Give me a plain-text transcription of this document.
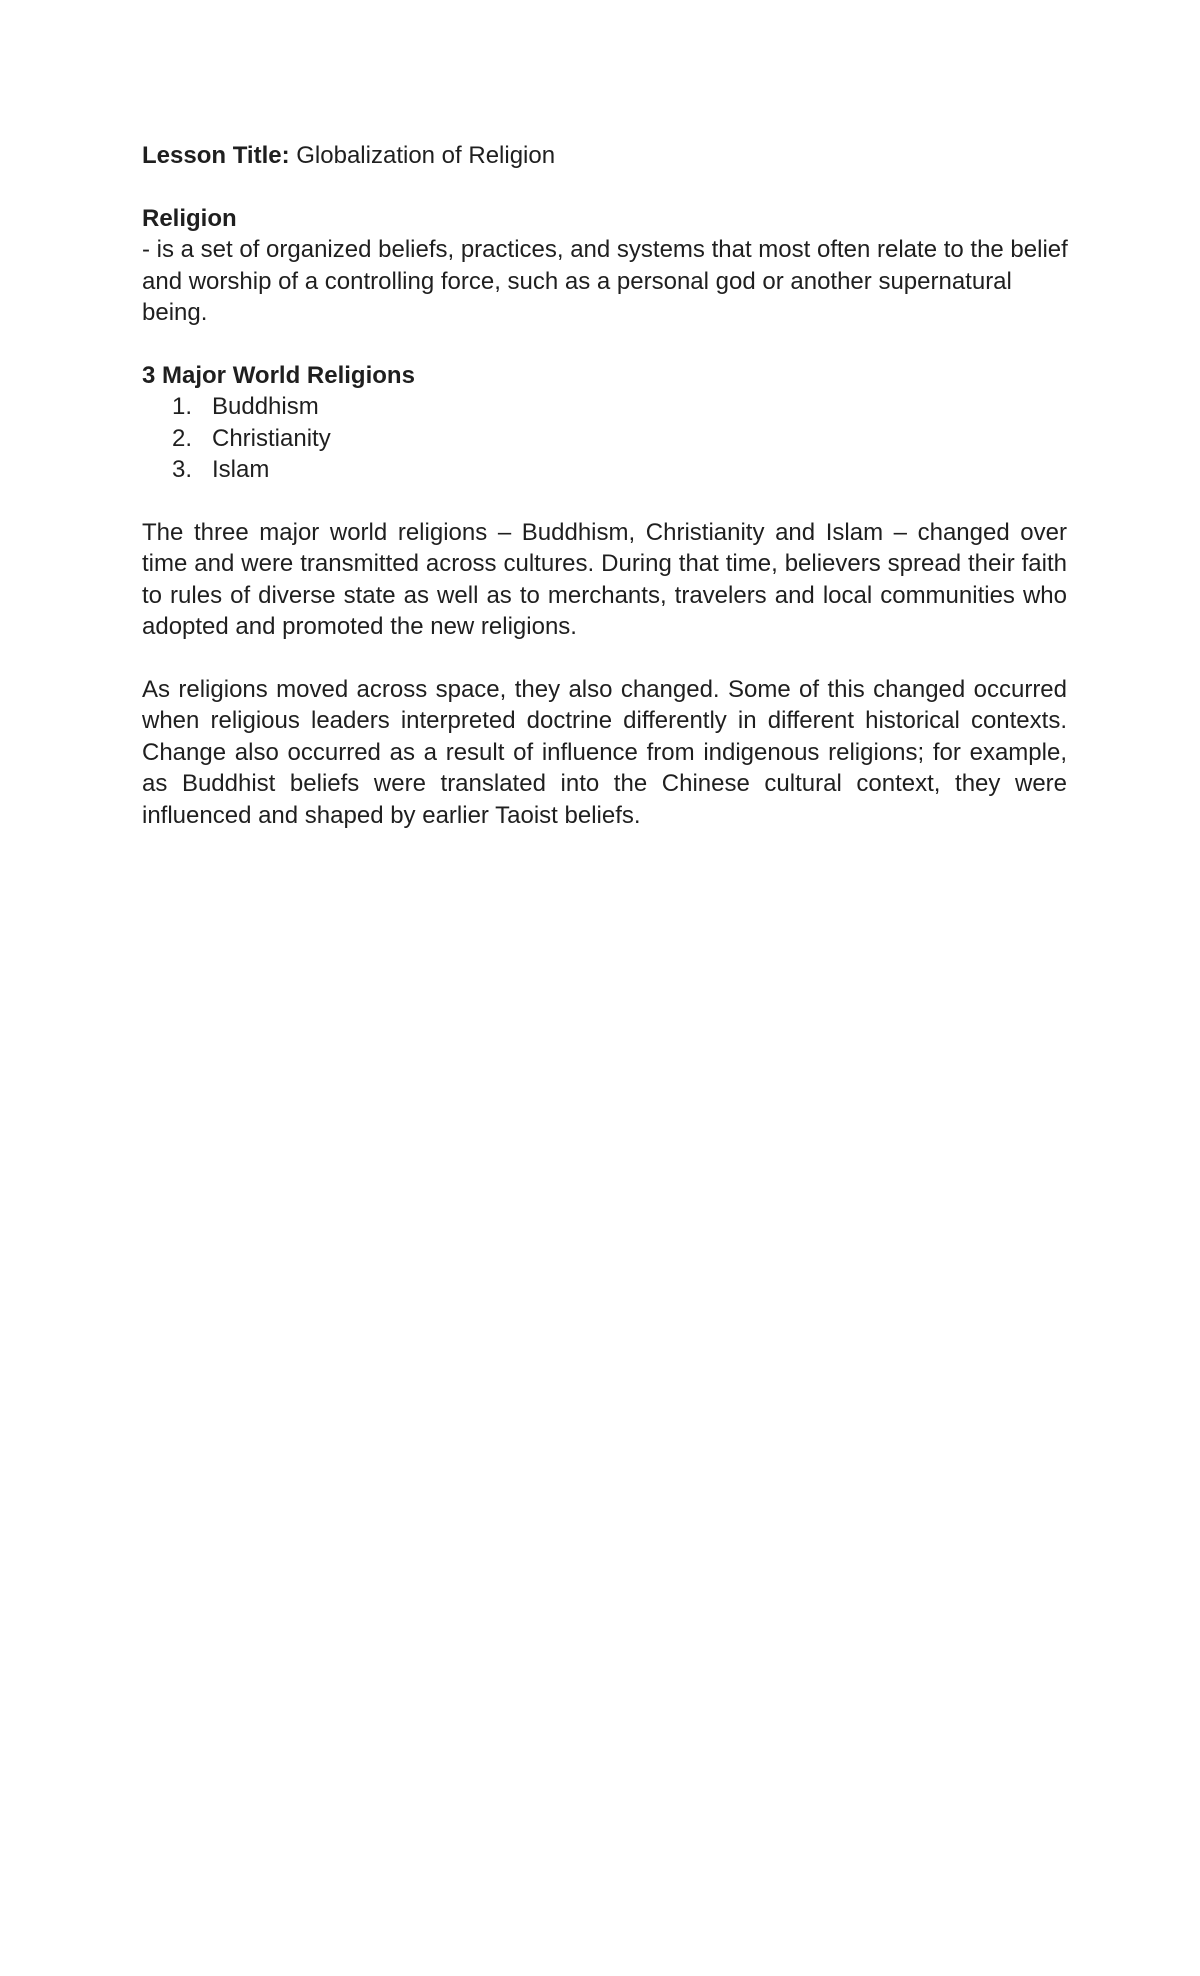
Lesson Title: Globalization of Religion

Religion

- is a set of organized beliefs, practices, and systems that most often relate to the belief and worship of a controlling force, such as a personal god or another supernatural being.

3 Major World Religions

1. Buddhism
2. Christianity
3. Islam

The three major world religions – Buddhism, Christianity and Islam – changed over time and were transmitted across cultures. During that time, believers spread their faith to rules of diverse state as well as to merchants, travelers and local communities who adopted and promoted the new religions.

As religions moved across space, they also changed. Some of this changed occurred when religious leaders interpreted doctrine differently in different historical contexts. Change also occurred as a result of influence from indigenous religions; for example, as Buddhist beliefs were translated into the Chinese cultural context, they were influenced and shaped by earlier Taoist beliefs.
